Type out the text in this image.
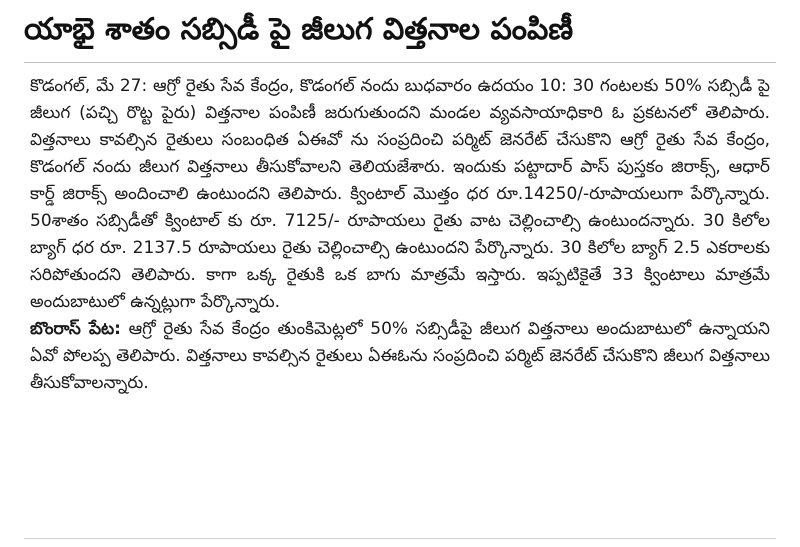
యాభై శాతం సబ్సిడీ పై జీలుగ విత్తనాల పంపిణీ

కొడంగల్, మే 27: ఆగ్రో రైతు సేవ కేంద్రం, కొడంగల్ నందు బుధవారం ఉదయం 10: 30 గంటలకు 50% సబ్సిడీ పై జీలుగ (పచ్చి రొట్ట పైరు) విత్తనాల పంపిణీ జరుగుతుందని మండల వ్యవసాయాధికారి ఓ ప్రకటనలో తెలిపారు. విత్తనాలు కావల్సిన రైతులు సంబంధిత ఏఈవో ను సంప్రదించి పర్మిట్ జెనరేట్ చేసుకొని ఆగ్రో రైతు సేవ కేంద్రం, కొడంగల్ నందు జీలుగ విత్తనాలు తీసుకోవాలని తెలియజేశారు. ఇందుకు పట్టాదార్ పాస్ పుస్తకం జిరాక్స్, ఆధార్ కార్డ్ జిరాక్స్ అందించాలి ఉంటుందని తెలిపారు. క్వింటాల్ మొత్తం ధర రూ.14250/-రూపాయలుగా పేర్కొన్నారు. 50శాతం సబ్సిడీతో క్వింటాల్ కు రూ. 7125/- రూపాయలు రైతు వాట చెల్లించాల్సి ఉంటుందన్నారు. 30 కిలోల బ్యాగ్ ధర రూ. 2137.5 రూపాయలు రైతు చెల్లించాల్సి ఉంటుందని పేర్కొన్నారు. 30 కిలోల బ్యాగ్ 2.5 ఎకరాలకు సరిపోతుందని తెలిపారు. కాగా ఒక్క రైతుకి ఒక బాగు మాత్రమే ఇస్తారు. ఇప్పటికైతే 33 క్వింటాలు మాత్రమే అందుబాటులో ఉన్నట్లుగా పేర్కొన్నారు.

బొంరాస్ పేట: ఆగ్రో రైతు సేవ కేంద్రం తుంకిమెట్లలో 50% సబ్సిడీపై జీలుగ విత్తనాలు అందుబాటులో ఉన్నాయని ఏవో పోలప్ప తెలిపారు. విత్తనాలు కావల్సిన రైతులు ఏఈఓను సంప్రదించి పర్మిట్ జెనరేట్ చేసుకొని జీలుగ విత్తనాలు తీసుకోవాలన్నారు.
